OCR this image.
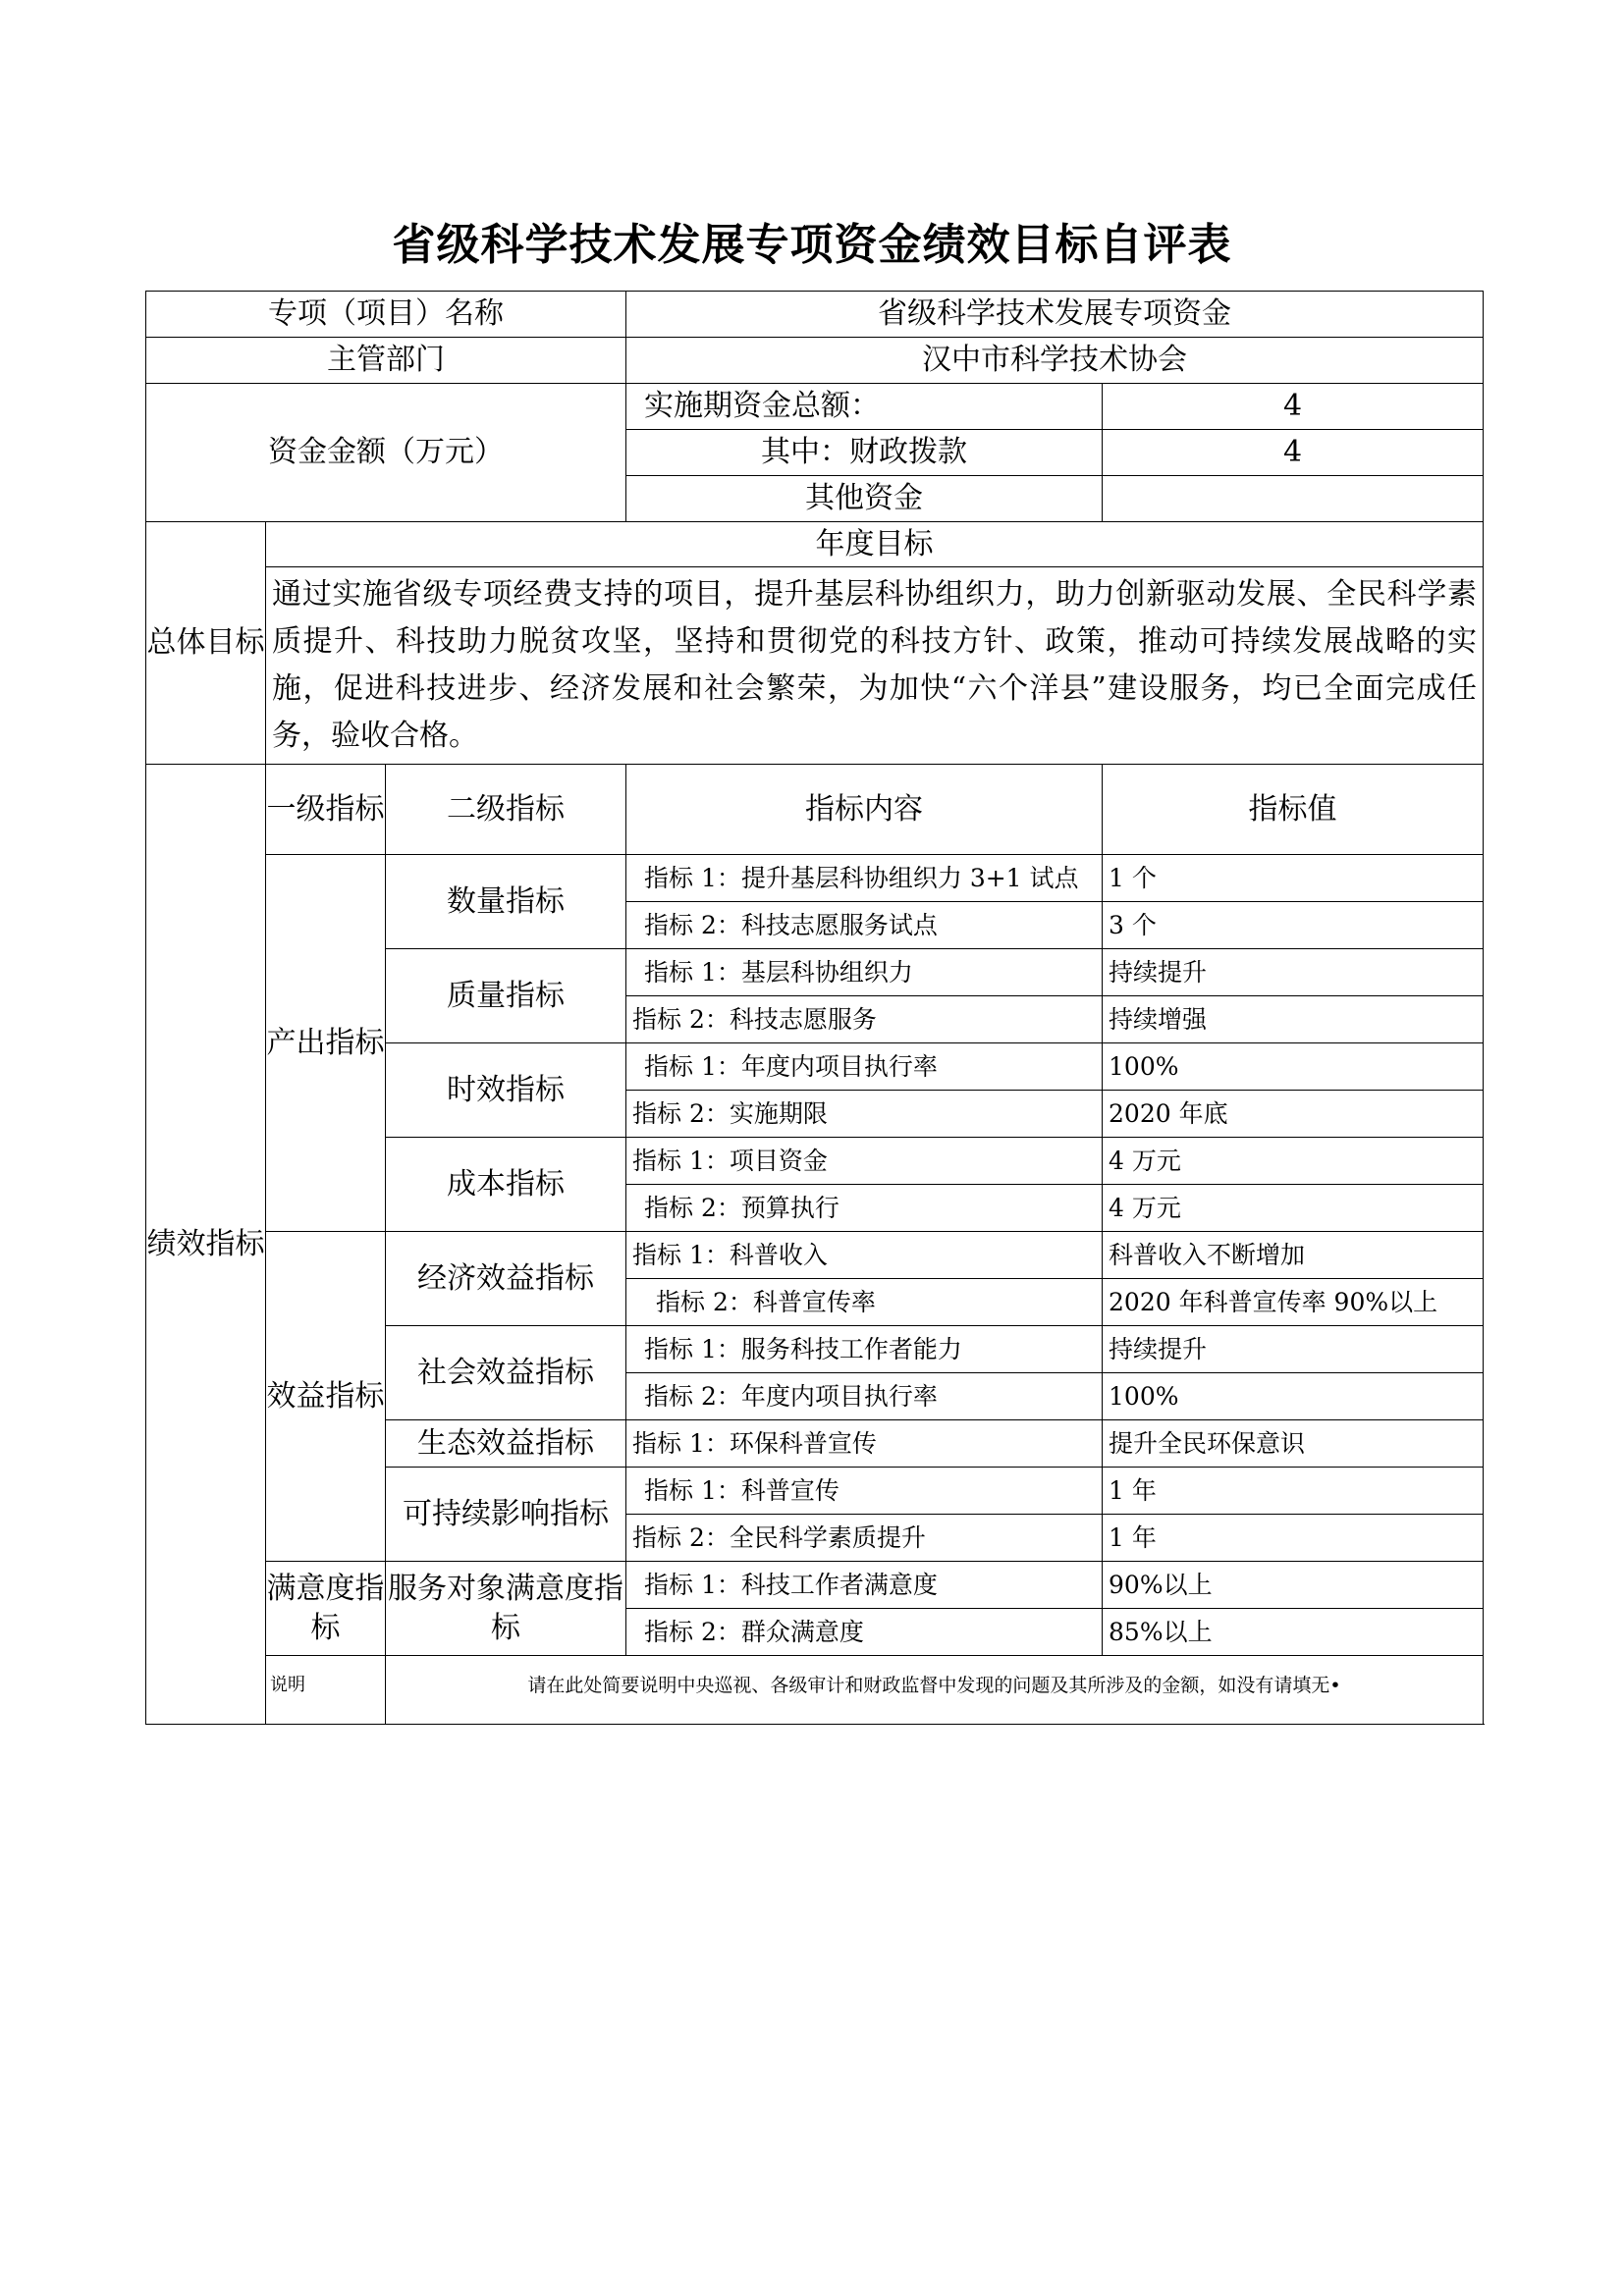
省级科学技术发展专项资金绩效目标自评表
专项（项目）名称			省级科学技术发展专项资金	
主管部门			汉中市科学技术协会	
资金金额（万元）			实施期资金总额：	4
			其中：财政拨款	4
			其他资金	
总体目标	年度目标			
	通过实施省级专项经费支持的项目，提升基层科协组织力，助力创新驱动发展、全民科学素质提升、科技助力脱贫攻坚，坚持和贯彻党的科技方针、政策，推动可持续发展战略的实施，促进科技进步、经济发展和社会繁荣，为加快“六个洋县”建设服务，均已全面完成任务，验收合格。			
绩效指标	一级指标	二级指标	指标内容	指标值
	产出指标	数量指标	指标 1：提升基层科协组织力 3+1 试点	1 个
			指标 2：科技志愿服务试点	3 个
		质量指标	指标 1：基层科协组织力	持续提升
			指标 2：科技志愿服务	持续增强
		时效指标	指标 1：年度内项目执行率	100%
			指标 2：实施期限	2020 年底
		成本指标	指标 1：项目资金	4 万元
			指标 2：预算执行	4 万元
	效益指标	经济效益指标	指标 1：科普收入	科普收入不断增加
			指标 2：科普宣传率	2020 年科普宣传率 90%以上
		社会效益指标	指标 1：服务科技工作者能力	持续提升
			指标 2：年度内项目执行率	100%
		生态效益指标	指标 1：环保科普宣传	提升全民环保意识
		可持续影响指标	指标 1：科普宣传	1 年
			指标 2：全民科学素质提升	1 年
	满意度指标	服务对象满意度指标	指标 1：科技工作者满意度	90%以上
			指标 2：群众满意度	85%以上
	说明	请在此处简要说明中央巡视、各级审计和财政监督中发现的问题及其所涉及的金额，如没有请填无•		
